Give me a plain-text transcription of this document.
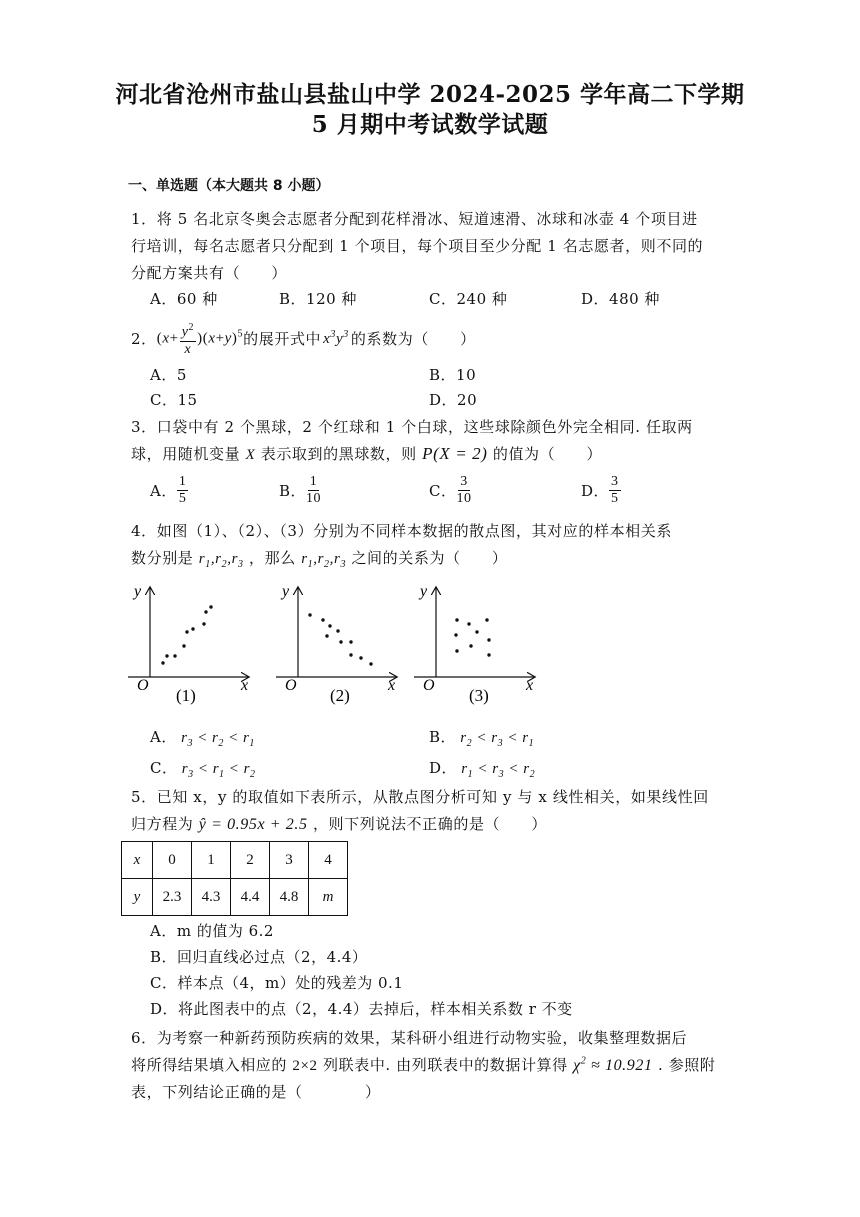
河北省沧州市盐山县盐山中学 2024-2025 学年高二下学期
5 月期中考试数学试题
一、单选题（本大题共 8 小题）
1．将 5 名北京冬奥会志愿者分配到花样滑冰、短道速滑、冰球和冰壶 4 个项目进
行培训，每名志愿者只分配到 1 个项目，每个项目至少分配 1 名志愿者，则不同的
分配方案共有（　　）
A．60 种	B．120 种	C．240 种	D．480 种
2． $(x+ \frac{y^2}{x} )(x+y)^5$ 的展开式中 $x^3y^3$ 的系数为（　　）
A．5	B．10
C．15	D．20
3．口袋中有 2 个黑球，2 个红球和 1 个白球，这些球除颜色外完全相同. 任取两
球，用随机变量 X 表示取到的黑球数，则 P(X = 2) 的值为（　　）
A． $\frac{1}{5}$	B． $\frac{1}{10}$	C． $\frac{3}{10}$	D． $\frac{3}{5}$
4．如图（1）、（2）、（3）分别为不同样本数据的散点图，其对应的样本相关系
数分别是 $r_1,r_2,r_3$ ，那么 $r_1,r_2,r_3$ 之间的关系为（　　）
y
O	x
(1)
y
O	x
(2)
y
O	x
(3)
A． $r_3 < r_2 < r_1$	B． $r_2 < r_3 < r_1$
C． $r_3 < r_1 < r_2$	D． $r_1 < r_3 < r_2$
5．已知 x，y 的取值如下表所示，从散点图分析可知 y 与 x 线性相关，如果线性回
归方程为 ŷ = 0.95x + 2.5 ，则下列说法不正确的是（　　）
x	0	1	2	3	4
y	2.3	4.3	4.4	4.8	m
A．m 的值为 6.2
B．回归直线必过点（2，4.4）
C．样本点（4，m）处的残差为 0.1
D．将此图表中的点（2，4.4）去掉后，样本相关系数 r 不变
6．为考察一种新药预防疾病的效果，某科研小组进行动物实验，收集整理数据后
将所得结果填入相应的 2×2 列联表中. 由列联表中的数据计算得 $\chi^2 \approx 10.921$ . 参照附
表，下列结论正确的是（　　　　）
